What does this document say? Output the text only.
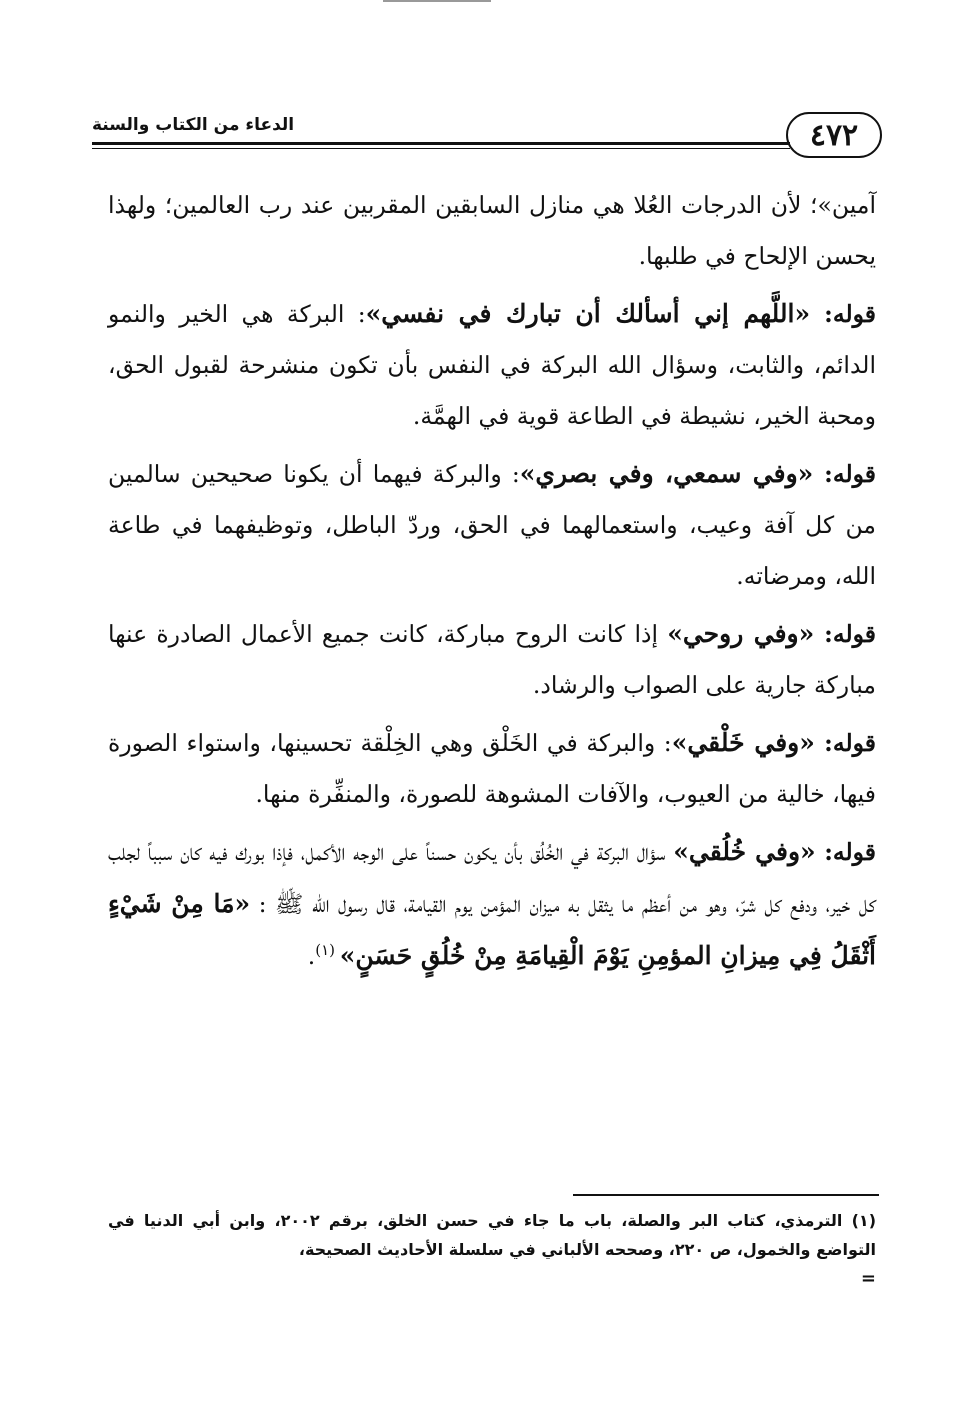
٤٧٢
الدعاء من الكتاب والسنة

آمين»؛ لأن الدرجات العُلا هي منازل السابقين المقربين عند رب العالمين؛ ولهذا يحسن الإلحاح في طلبها.

قوله: «اللَّهم إني أسألك أن تبارك في نفسي»: البركة هي الخير والنمو الدائم، والثابت، وسؤال الله البركة في النفس بأن تكون منشرحة لقبول الحق، ومحبة الخير، نشيطة في الطاعة قوية في الهمَّة.

قوله: «وفي سمعي، وفي بصري»: والبركة فيهما أن يكونا صحيحين سالمين من كل آفة وعيب، واستعمالهما في الحق، وردّ الباطل، وتوظيفهما في طاعة الله، ومرضاته.

قوله: «وفي روحي» إذا كانت الروح مباركة، كانت جميع الأعمال الصادرة عنها مباركة جارية على الصواب والرشاد.

قوله: «وفي خَلْقي»: والبركة في الخَلْق وهي الخِلْقة تحسينها، واستواء الصورة فيها، خالية من العيوب، والآفات المشوهة للصورة، والمنفِّرة منها.

قوله: «وفي خُلُقي» سؤال البركة في الخُلُق بأن يكون حسناً على الوجه الأكمل، فإذا بورك فيه كان سبباً لجلب كل خير، ودفع كل شرّ، وهو من أعظم ما يثقل به ميزان المؤمن يوم القيامة، قال رسول الله ﷺ : «مَا مِنْ شَيْءٍ أَثْقَلُ فِي مِيزانِ المؤمِنِ يَوْمَ الْقِيامَةِ مِنْ خُلُقٍ حَسَنٍ» $^{(١)}$.

(١) الترمذي، كتاب البر والصلة، باب ما جاء في حسن الخلق، برقم ٢٠٠٢، وابن أبي الدنيا في التواضع والخمول، ص ٢٢٠، وصححه الألباني في سلسلة الأحاديث الصحيحة،
=
